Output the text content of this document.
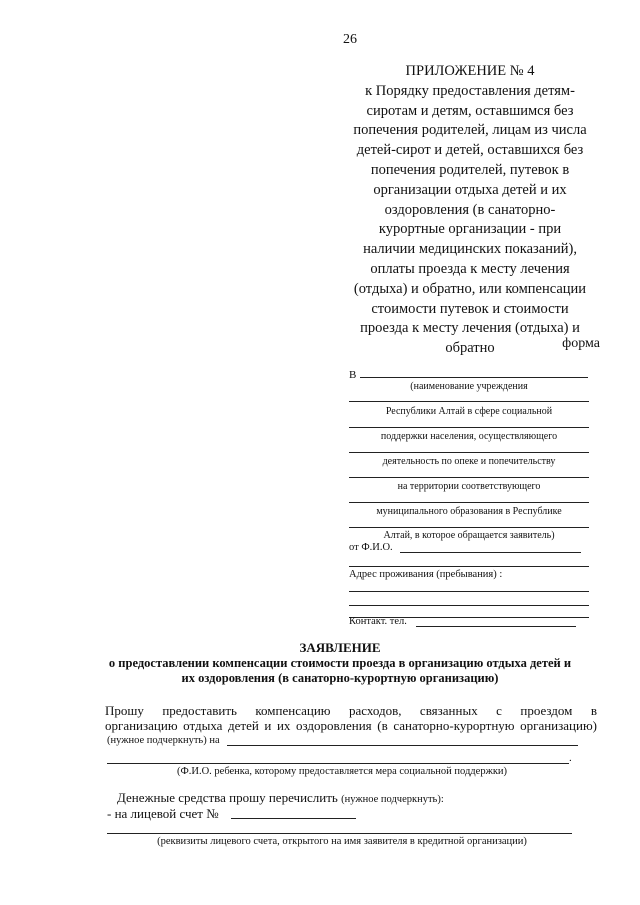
26
ПРИЛОЖЕНИЕ № 4
к Порядку предоставления детям-
сиротам и детям, оставшимся без
попечения родителей, лицам из числа
детей-сирот и детей, оставшихся без
попечения родителей, путевок в
организации отдыха детей и их
оздоровления (в санаторно-
курортные организации - при
наличии медицинских показаний),
оплаты проезда к месту лечения
(отдыха) и обратно, или компенсации
стоимости путевок и стоимости
проезда к месту лечения (отдыха) и
обратно	форма
В
(наименование учреждения
Республики Алтай в сфере социальной
поддержки населения, осуществляющего
деятельность по опеке и попечительству
на территории соответствующего
муниципального образования в Республике
Алтай, в которое обращается заявитель)
от Ф.И.О.
Адрес проживания (пребывания) :
Контакт. тел.
ЗАЯВЛЕНИЕ
о предоставлении компенсации стоимости проезда в организацию отдыха детей и
их оздоровления (в санаторно-курортную организацию)
Прошу предоставить компенсацию расходов, связанных с проездом в
организацию отдыха детей и их оздоровления (в санаторно-курортную организацию)
(нужное подчеркнуть) на
.
(Ф.И.О. ребенка, которому предоставляется мера социальной поддержки)
Денежные средства прошу перечислить (нужное подчеркнуть):
- на лицевой счет №
(реквизиты лицевого счета, открытого на имя заявителя в кредитной организации)
